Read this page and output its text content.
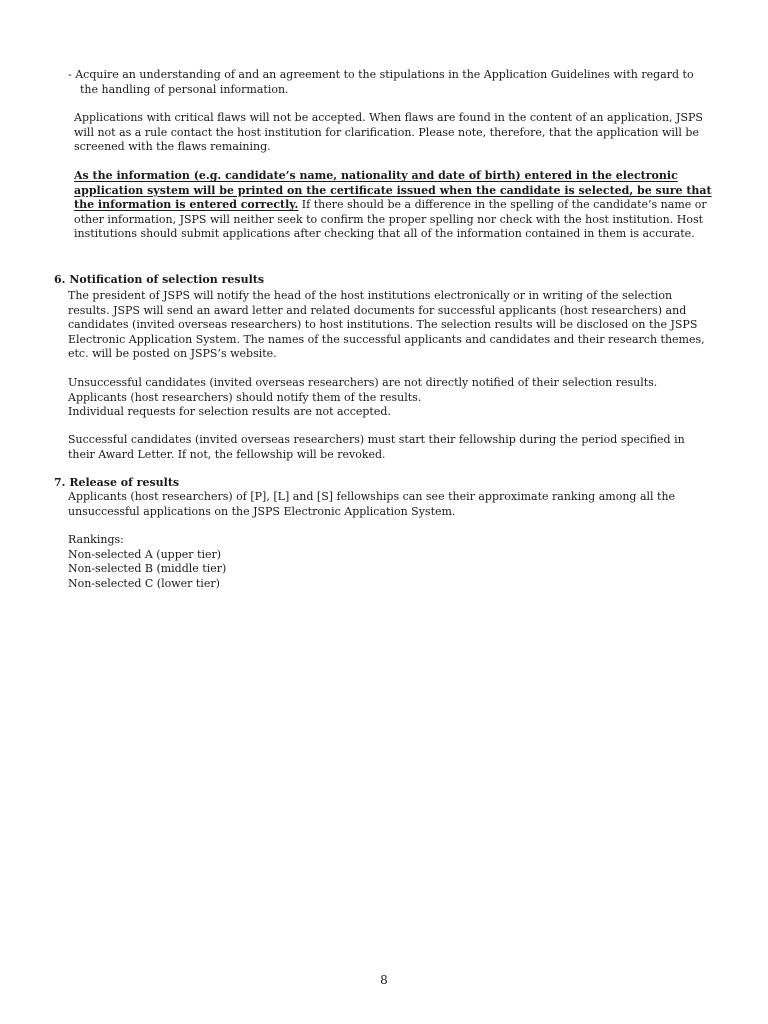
- Acquire an understanding of and an agreement to the stipulations in the Application Guidelines with regard to
the handling of personal information.

Applications with critical flaws will not be accepted. When flaws are found in the content of an application, JSPS will not as a rule contact the host institution for clarification. Please note, therefore, that the application will be screened with the flaws remaining.

As the information (e.g. candidate’s name, nationality and date of birth) entered in the electronic application system will be printed on the certificate issued when the candidate is selected, be sure that the information is entered correctly. If there should be a difference in the spelling of the candidate’s name or other information, JSPS will neither seek to confirm the proper spelling nor check with the host institution. Host institutions should submit applications after checking that all of the information contained in them is accurate.

6. Notification of selection results

The president of JSPS will notify the head of the host institutions electronically or in writing of the selection results. JSPS will send an award letter and related documents for successful applicants (host researchers) and candidates (invited overseas researchers) to host institutions. The selection results will be disclosed on the JSPS Electronic Application System. The names of the successful applicants and candidates and their research themes, etc. will be posted on JSPS’s website.

Unsuccessful candidates (invited overseas researchers) are not directly notified of their selection results.
Applicants (host researchers) should notify them of the results.
Individual requests for selection results are not accepted.

Successful candidates (invited overseas researchers) must start their fellowship during the period specified in their Award Letter. If not, the fellowship will be revoked.

7. Release of results

Applicants (host researchers) of [P], [L] and [S] fellowships can see their approximate ranking among all the unsuccessful applications on the JSPS Electronic Application System.

Rankings:
Non-selected A (upper tier)
Non-selected B (middle tier)
Non-selected C (lower tier)

8
